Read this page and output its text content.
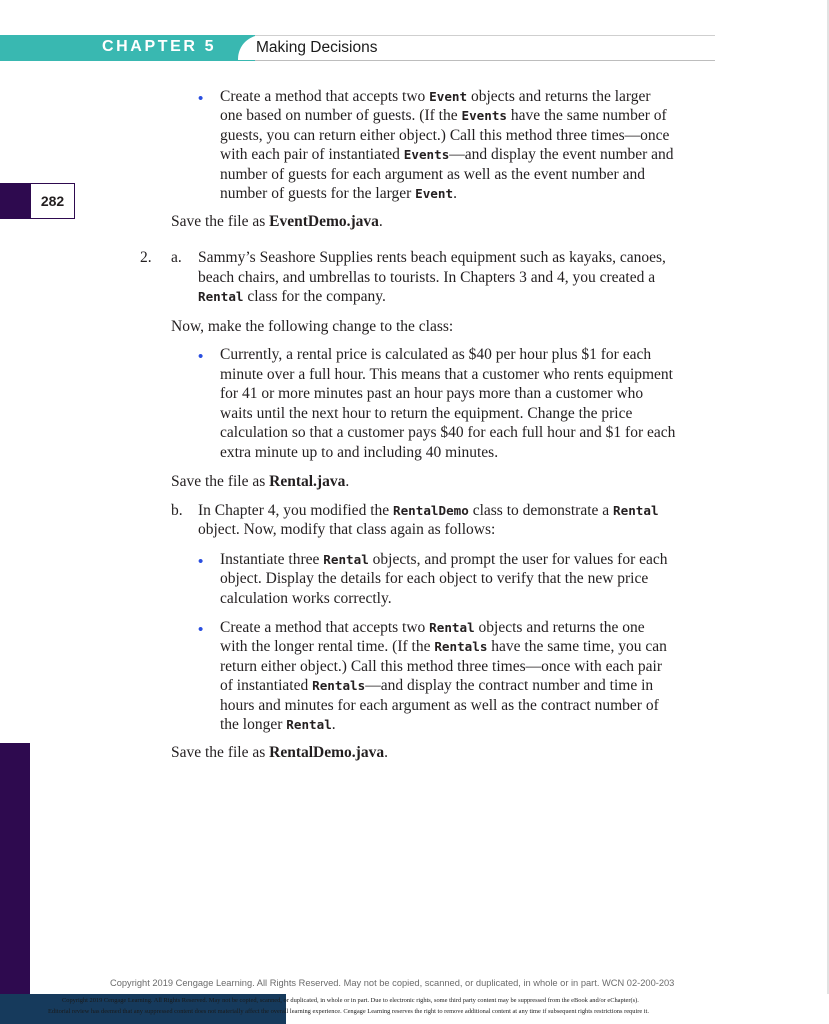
CHAPTER 5	Making Decisions
282
•
•
•
•
Create a method that accepts two Event objects and returns the larger
one based on number of guests. (If the Events have the same number of
guests, you can return either object.) Call this method three times—once
with each pair of instantiated Events—and display the event number and
number of guests for each argument as well as the event number and
number of guests for the larger Event.
Save the file as EventDemo.java.
2. a. Sammy’s Seashore Supplies rents beach equipment such as kayaks, canoes,
beach chairs, and umbrellas to tourists. In Chapters 3 and 4, you created a
Rental class for the company.
Now, make the following change to the class:
Currently, a rental price is calculated as $40 per hour plus $1 for each
minute over a full hour. This means that a customer who rents equipment
for 41 or more minutes past an hour pays more than a customer who
waits until the next hour to return the equipment. Change the price
calculation so that a customer pays $40 for each full hour and $1 for each
extra minute up to and including 40 minutes.
Save the file as Rental.java.
b. In Chapter 4, you modified the RentalDemo class to demonstrate a Rental
object. Now, modify that class again as follows:
Instantiate three Rental objects, and prompt the user for values for each
object. Display the details for each object to verify that the new price
calculation works correctly.
Create a method that accepts two Rental objects and returns the one
with the longer rental time. (If the Rentals have the same time, you can
return either object.) Call this method three times—once with each pair
of instantiated Rentals—and display the contract number and time in
hours and minutes for each argument as well as the contract number of
the longer Rental.
Save the file as RentalDemo.java.
Copyright 2019 Cengage Learning. All Rights Reserved. May not be copied, scanned, or duplicated, in whole or in part. WCN 02-200-203
Copyright 2019 Cengage Learning. All Rights Reserved. May not be copied, scanned, or duplicated, in whole or in part. Due to electronic rights, some third party content may be suppressed from the eBook and/or eChapter(s).
Editorial review has deemed that any suppressed content does not materially affect the overall learning experience. Cengage Learning reserves the right to remove additional content at any time if subsequent rights restrictions require it.
